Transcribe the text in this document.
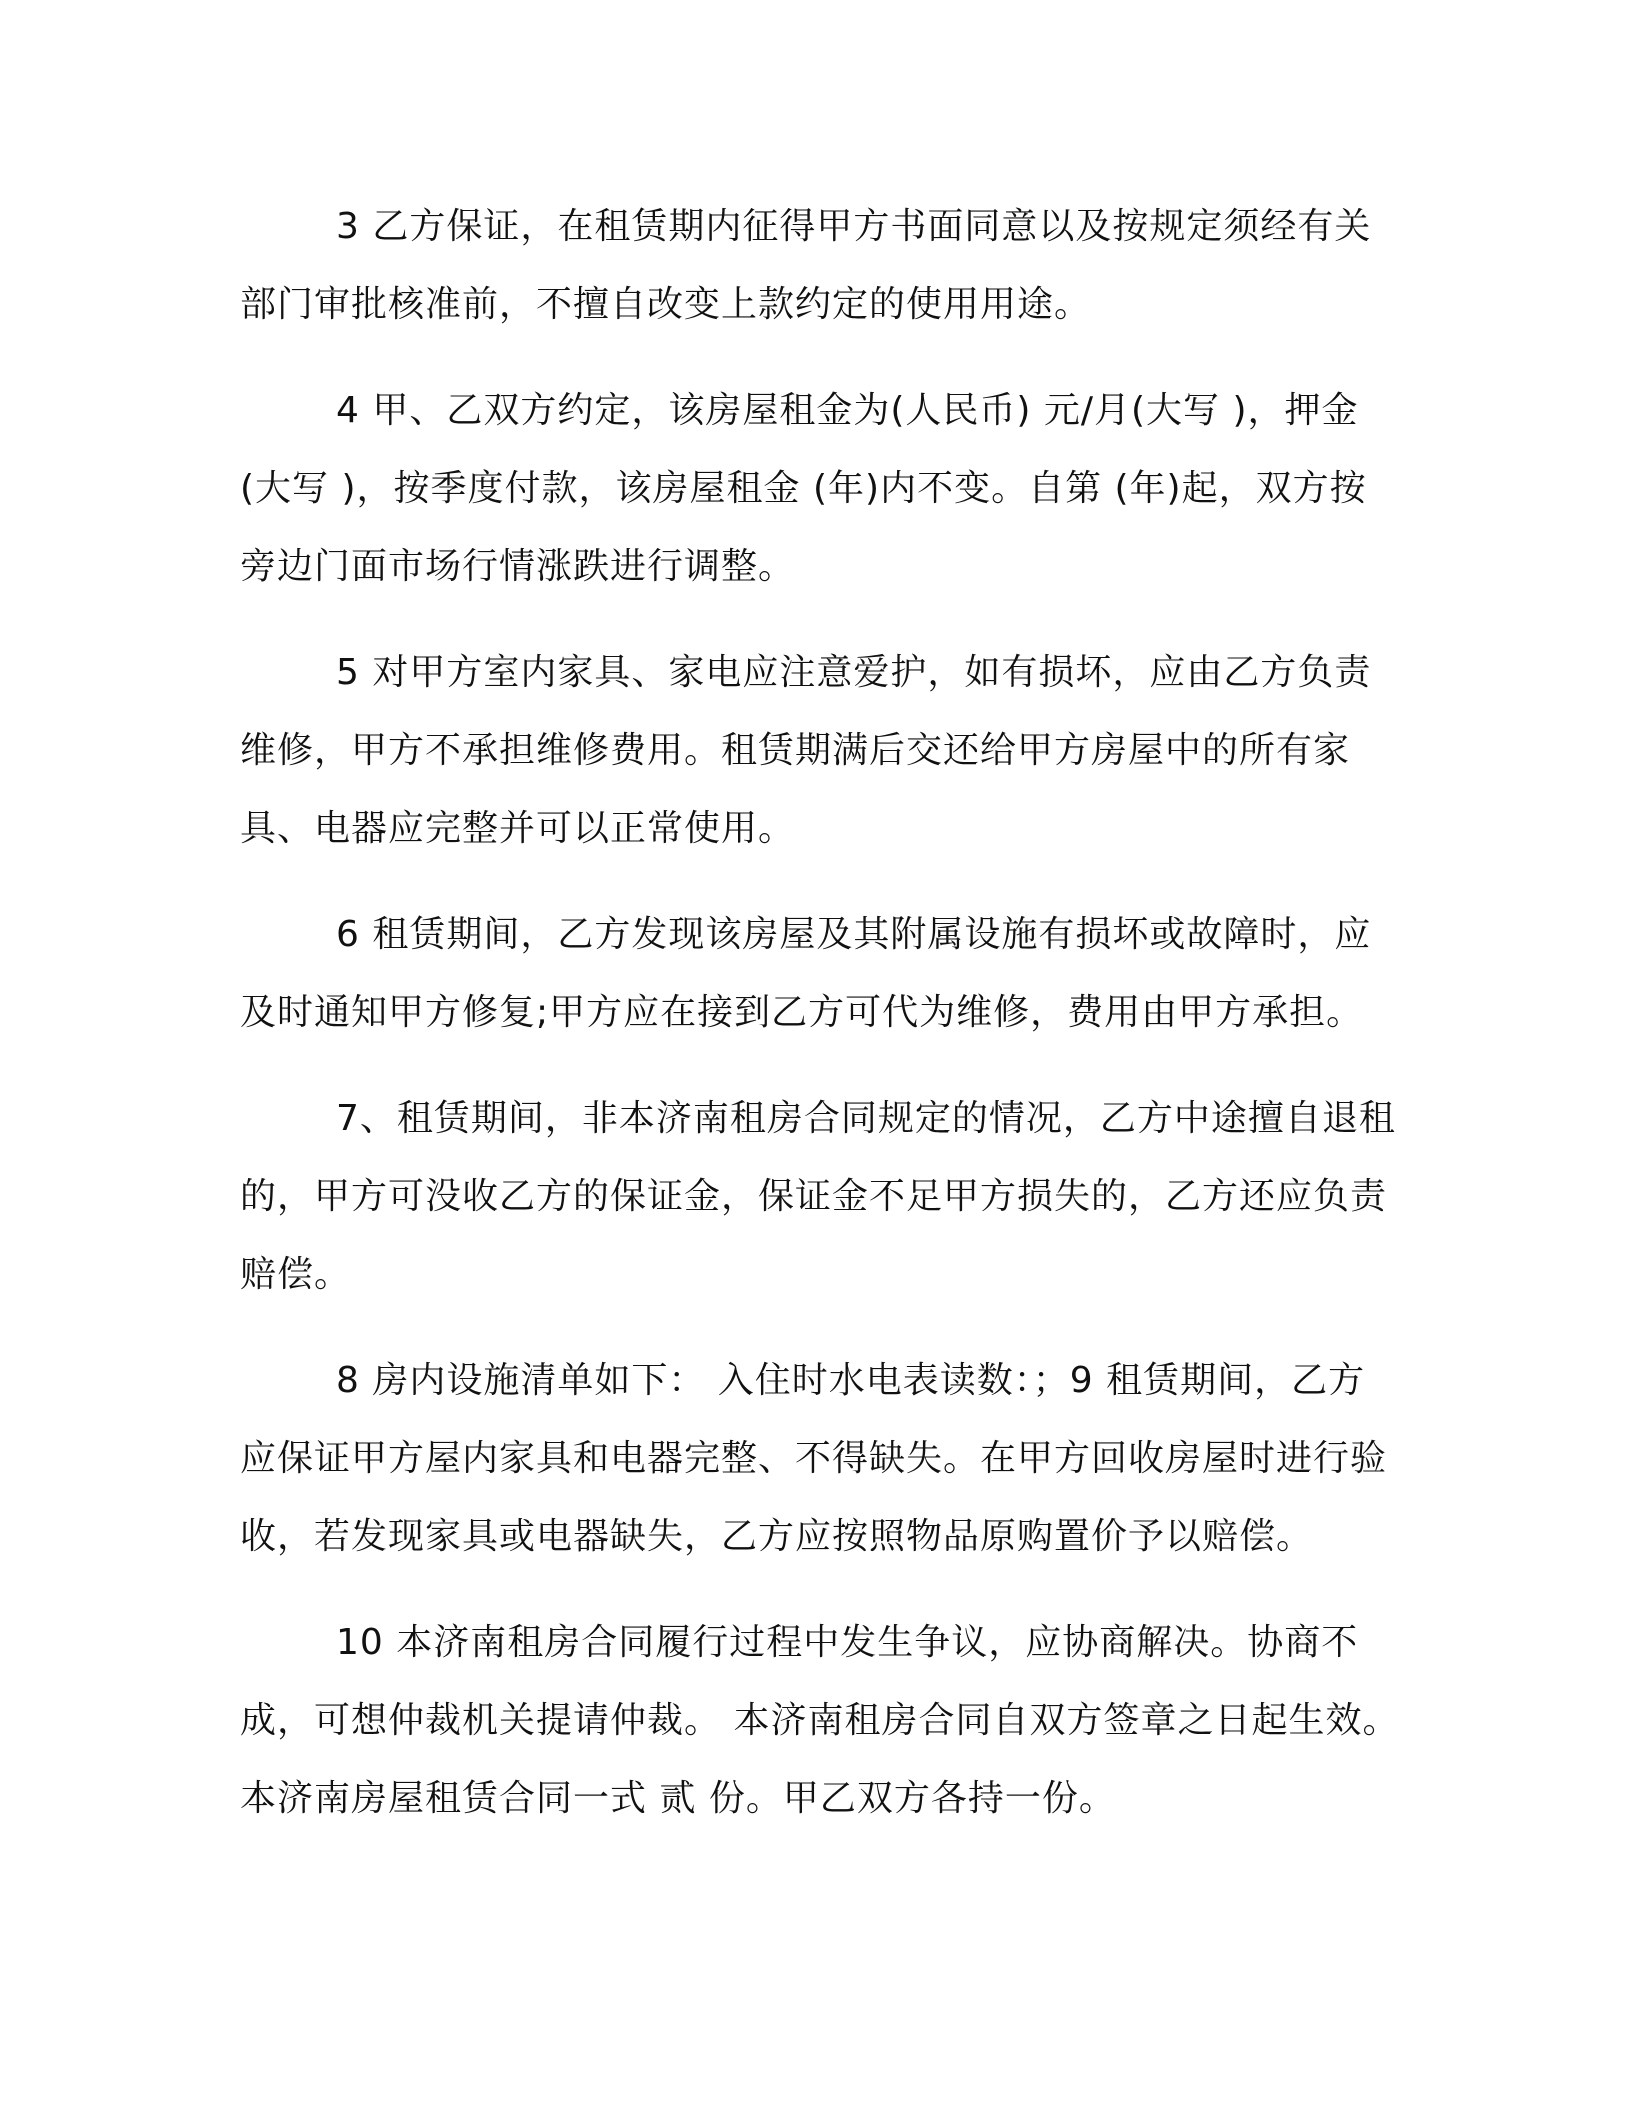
3 乙方保证，在租赁期内征得甲方书面同意以及按规定须经有关部门审批核准前，不擅自改变上款约定的使用用途。

4 甲、乙双方约定，该房屋租金为(人民币) 元/月(大写 )，押金(大写 )，按季度付款，该房屋租金 (年)内不变。自第 (年)起，双方按旁边门面市场行情涨跌进行调整。

5 对甲方室内家具、家电应注意爱护，如有损坏，应由乙方负责维修，甲方不承担维修费用。租赁期满后交还给甲方房屋中的所有家具、电器应完整并可以正常使用。

6 租赁期间，乙方发现该房屋及其附属设施有损坏或故障时，应及时通知甲方修复;甲方应在接到乙方可代为维修，费用由甲方承担。

7、租赁期间，非本济南租房合同规定的情况，乙方中途擅自退租的，甲方可没收乙方的保证金，保证金不足甲方损失的，乙方还应负责赔偿。

8 房内设施清单如下： 入住时水电表读数：；9 租赁期间，乙方应保证甲方屋内家具和电器完整、不得缺失。在甲方回收房屋时进行验收，若发现家具或电器缺失，乙方应按照物品原购置价予以赔偿。

10 本济南租房合同履行过程中发生争议，应协商解决。协商不成，可想仲裁机关提请仲裁。 本济南租房合同自双方签章之日起生效。本济南房屋租赁合同一式 贰 份。甲乙双方各持一份。
